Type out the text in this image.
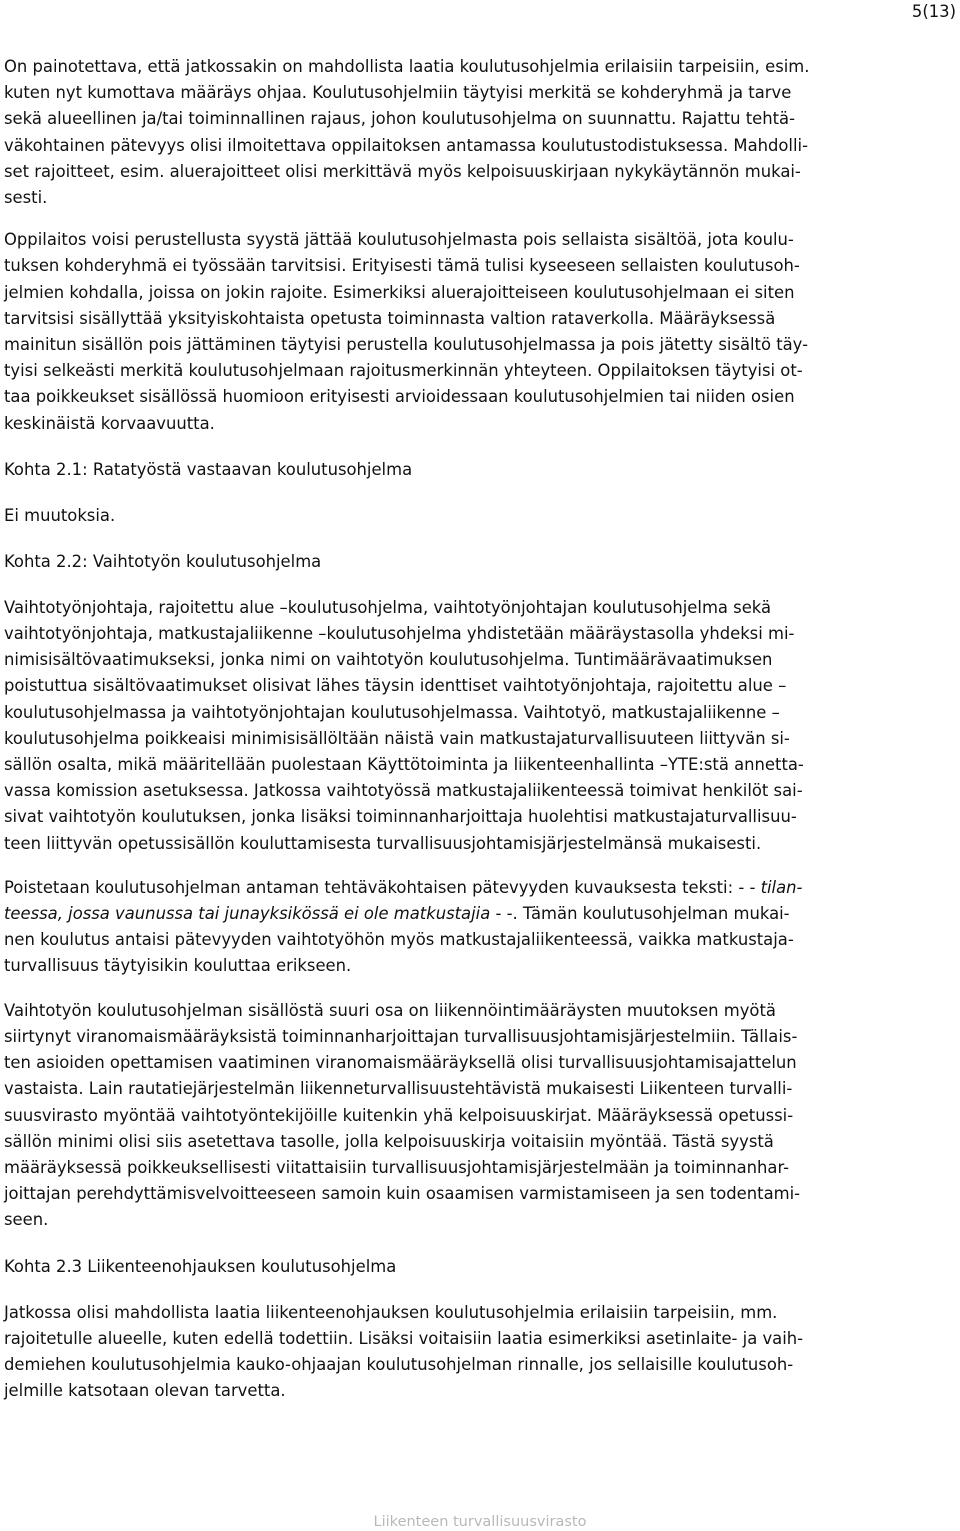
5(13)

On painotettava, että jatkossakin on mahdollista laatia koulutusohjelmia erilaisiin tarpeisiin, esim.
kuten nyt kumottava määräys ohjaa. Koulutusohjelmiin täytyisi merkitä se kohderyhmä ja tarve
sekä alueellinen ja/tai toiminnallinen rajaus, johon koulutusohjelma on suunnattu. Rajattu tehtä-
väkohtainen pätevyys olisi ilmoitettava oppilaitoksen antamassa koulutustodistuksessa. Mahdolli-
set rajoitteet, esim. aluerajoitteet olisi merkittävä myös kelpoisuuskirjaan nykykäytännön mukai-
sesti.

Oppilaitos voisi perustellusta syystä jättää koulutusohjelmasta pois sellaista sisältöä, jota koulu-
tuksen kohderyhmä ei työssään tarvitsisi. Erityisesti tämä tulisi kyseeseen sellaisten koulutusoh-
jelmien kohdalla, joissa on jokin rajoite. Esimerkiksi aluerajoitteiseen koulutusohjelmaan ei siten
tarvitsisi sisällyttää yksityiskohtaista opetusta toiminnasta valtion rataverkolla. Määräyksessä
mainitun sisällön pois jättäminen täytyisi perustella koulutusohjelmassa ja pois jätetty sisältö täy-
tyisi selkeästi merkitä koulutusohjelmaan rajoitusmerkinnän yhteyteen. Oppilaitoksen täytyisi ot-
taa poikkeukset sisällössä huomioon erityisesti arvioidessaan koulutusohjelmien tai niiden osien
keskinäistä korvaavuutta.

Kohta 2.1: Ratatyöstä vastaavan koulutusohjelma
Ei muutoksia.
Kohta 2.2: Vaihtotyön koulutusohjelma

Vaihtotyönjohtaja, rajoitettu alue –koulutusohjelma, vaihtotyönjohtajan koulutusohjelma sekä
vaihtotyönjohtaja, matkustajaliikenne –koulutusohjelma yhdistetään määräystasolla yhdeksi mi-
nimisisältövaatimukseksi, jonka nimi on vaihtotyön koulutusohjelma. Tuntimäärävaatimuksen
poistuttua sisältövaatimukset olisivat lähes täysin identtiset vaihtotyönjohtaja, rajoitettu alue –
koulutusohjelmassa ja vaihtotyönjohtajan koulutusohjelmassa. Vaihtotyö, matkustajaliikenne –
koulutusohjelma poikkeaisi minimisisällöltään näistä vain matkustajaturvallisuuteen liittyvän si-
sällön osalta, mikä määritellään puolestaan Käyttötoiminta ja liikenteenhallinta –YTE:stä annetta-
vassa komission asetuksessa. Jatkossa vaihtotyössä matkustajaliikenteessä toimivat henkilöt sai-
sivat vaihtotyön koulutuksen, jonka lisäksi toiminnanharjoittaja huolehtisi matkustajaturvallisuu-
teen liittyvän opetussisällön kouluttamisesta turvallisuusjohtamisjärjestelmänsä mukaisesti.

Poistetaan koulutusohjelman antaman tehtäväkohtaisen pätevyyden kuvauksesta teksti: - - tilan-
teessa, jossa vaunussa tai junayksikössä ei ole matkustajia - -. Tämän koulutusohjelman mukai-
nen koulutus antaisi pätevyyden vaihtotyöhön myös matkustajaliikenteessä, vaikka matkustaja-
turvallisuus täytyisikin kouluttaa erikseen.

Vaihtotyön koulutusohjelman sisällöstä suuri osa on liikennöintimääräysten muutoksen myötä
siirtynyt viranomaismääräyksistä toiminnanharjoittajan turvallisuusjohtamisjärjestelmiin. Tällais-
ten asioiden opettamisen vaatiminen viranomaismääräyksellä olisi turvallisuusjohtamisajattelun
vastaista. Lain rautatiejärjestelmän liikenneturvallisuustehtävistä mukaisesti Liikenteen turvalli-
suusvirasto myöntää vaihtotyöntekijöille kuitenkin yhä kelpoisuuskirjat. Määräyksessä opetussi-
sällön minimi olisi siis asetettava tasolle, jolla kelpoisuuskirja voitaisiin myöntää. Tästä syystä
määräyksessä poikkeuksellisesti viitattaisiin turvallisuusjohtamisjärjestelmään ja toiminnanhar-
joittajan perehdyttämisvelvoitteeseen samoin kuin osaamisen varmistamiseen ja sen todentami-
seen.

Kohta 2.3 Liikenteenohjauksen koulutusohjelma

Jatkossa olisi mahdollista laatia liikenteenohjauksen koulutusohjelmia erilaisiin tarpeisiin, mm.
rajoitetulle alueelle, kuten edellä todettiin. Lisäksi voitaisiin laatia esimerkiksi asetinlaite- ja vaih-
demiehen koulutusohjelmia kauko-ohjaajan koulutusohjelman rinnalle, jos sellaisille koulutusoh-
jelmille katsotaan olevan tarvetta.

Liikenteen turvallisuusvirasto
